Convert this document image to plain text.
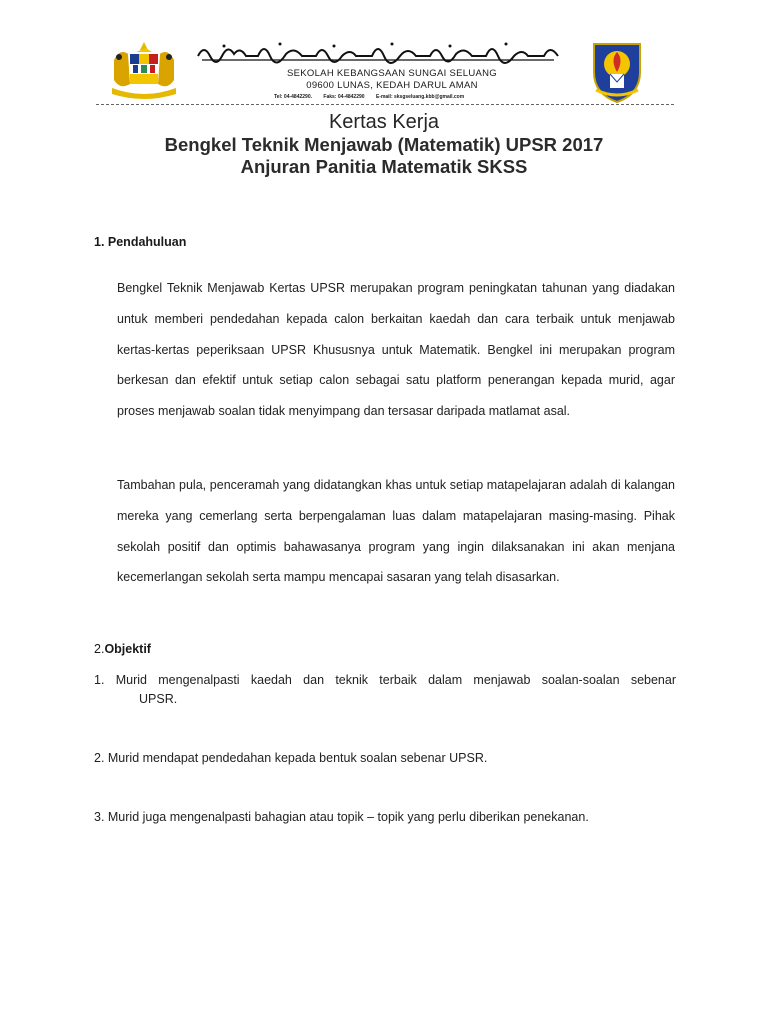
SEKOLAH KEBANGSAAN SUNGAI SELUANG
09600 LUNAS, KEDAH DARUL AMAN
Tel: 04-4842290. Faks: 04-4842290 E-mail: sksgseluang.kbb@gmail.com
Kertas Kerja
Bengkel Teknik Menjawab (Matematik) UPSR 2017
Anjuran Panitia Matematik SKSS
1. Pendahuluan

Bengkel Teknik Menjawab Kertas UPSR merupakan program peningkatan tahunan yang diadakan untuk memberi pendedahan kepada calon berkaitan kaedah dan cara terbaik untuk menjawab kertas-kertas peperiksaan UPSR Khususnya untuk Matematik. Bengkel ini merupakan program berkesan dan efektif untuk setiap calon sebagai satu platform penerangan kepada murid, agar proses menjawab soalan tidak menyimpang dan tersasar daripada matlamat asal.

Tambahan pula, penceramah yang didatangkan khas untuk setiap matapelajaran adalah di kalangan mereka yang cemerlang serta berpengalaman luas dalam matapelajaran masing-masing. Pihak sekolah positif dan optimis bahawasanya program yang ingin dilaksanakan ini akan menjana kecemerlangan sekolah serta mampu mencapai sasaran yang telah disasarkan.

2.Objektif
1. Murid mengenalpasti kaedah dan teknik terbaik dalam menjawab soalan-soalan sebenar
UPSR.
2. Murid mendapat pendedahan kepada bentuk soalan sebenar UPSR.
3. Murid juga mengenalpasti bahagian atau topik – topik yang perlu diberikan penekanan.
